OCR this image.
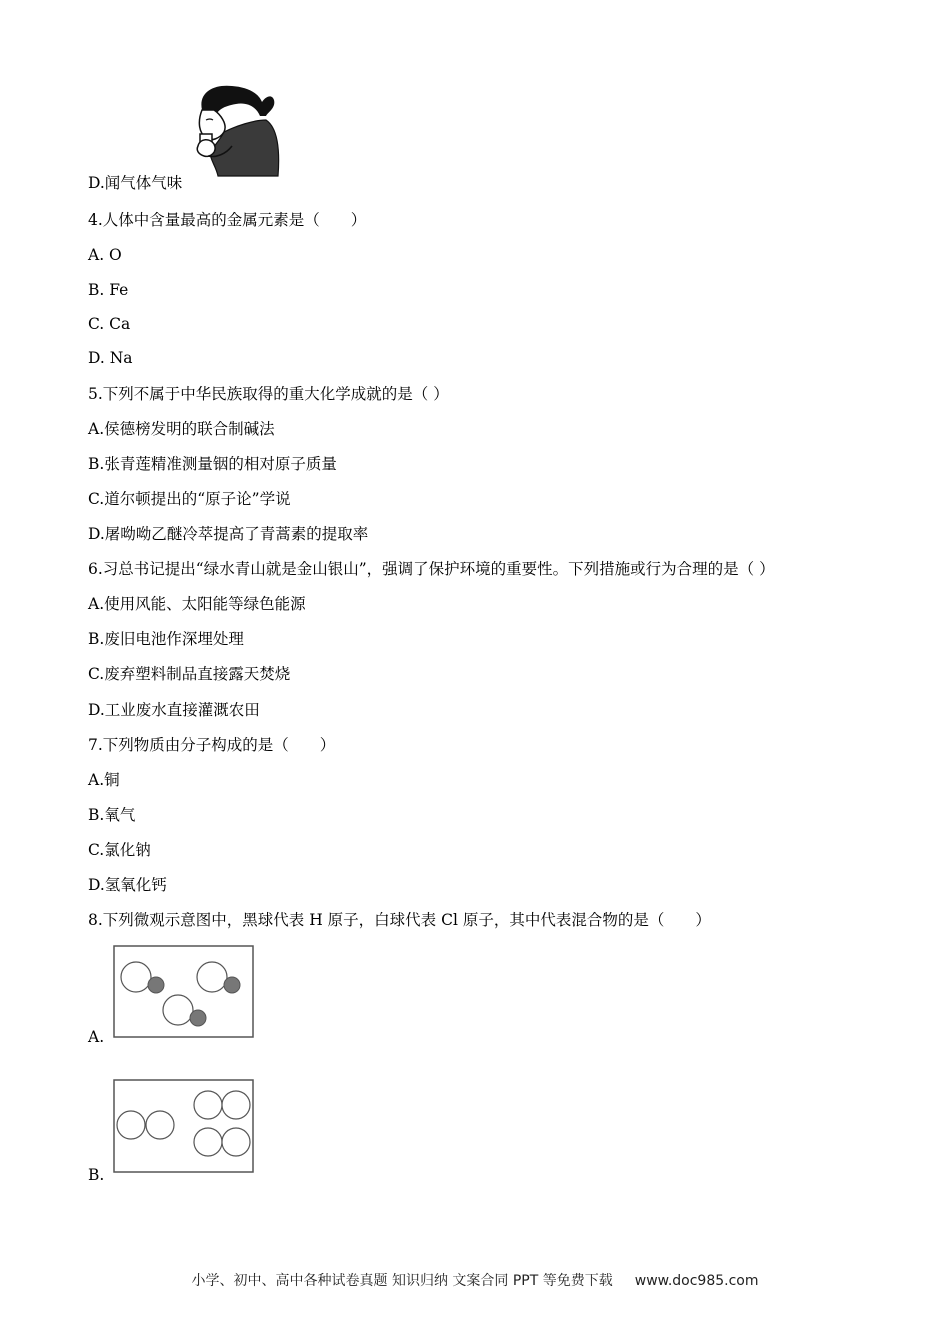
D.闻气体气味
4.人体中含量最高的金属元素是（　　）
A. O
B. Fe
C. Ca
D. Na
5.下列不属于中华民族取得的重大化学成就的是（ ）
A.侯德榜发明的联合制碱法
B.张青莲精准测量铟的相对原子质量
C.道尔顿提出的“原子论”学说
D.屠呦呦乙醚冷萃提高了青蒿素的提取率
6.习总书记提出“绿水青山就是金山银山”，强调了保护环境的重要性。下列措施或行为合理的是（ ）
A.使用风能、太阳能等绿色能源
B.废旧电池作深埋处理
C.废弃塑料制品直接露天焚烧
D.工业废水直接灌溉农田
7.下列物质由分子构成的是（　　）
A.铜
B.氧气
C.氯化钠
D.氢氧化钙
8.下列微观示意图中，黑球代表 H 原子，白球代表 Cl 原子，其中代表混合物的是（　　）
A.
B.
小学、初中、高中各种试卷真题 知识归纳 文案合同 PPT 等免费下载 www.doc985.com
